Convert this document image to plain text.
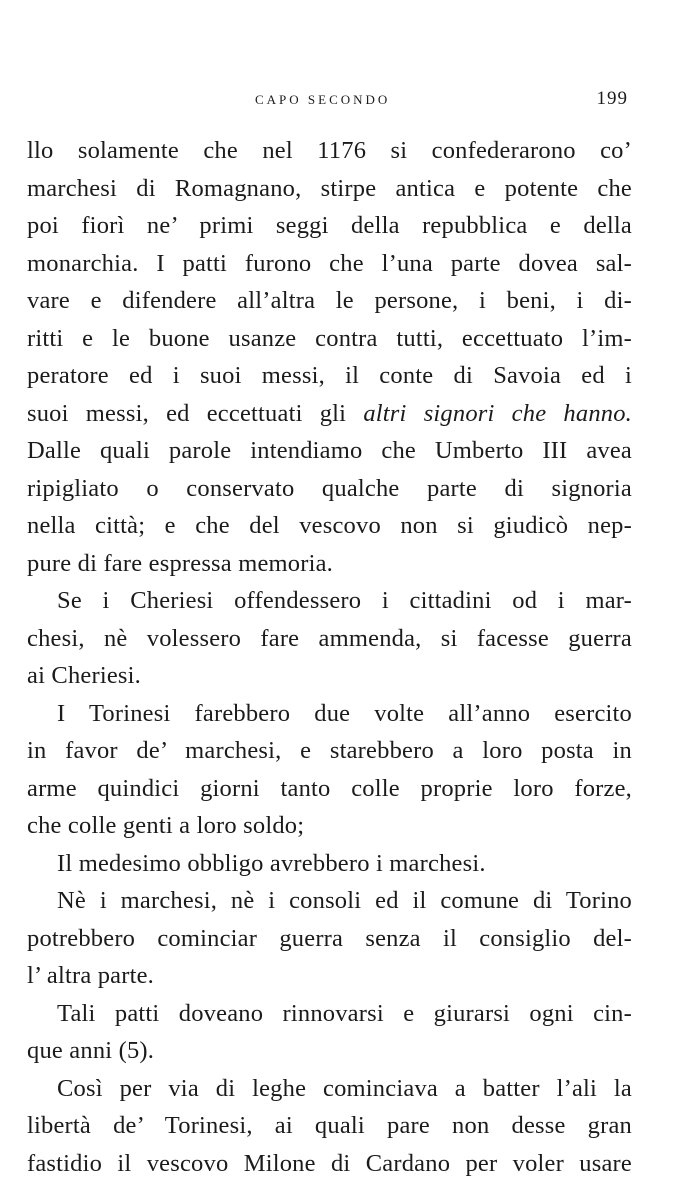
CAPO SECONDO	199
llo solamente che nel 1176 si confederarono co’
marchesi di Romagnano, stirpe antica e potente che
poi fiorì ne’ primi seggi della repubblica e della
monarchia. I patti furono che l’una parte dovea sal-
vare e difendere all’altra le persone, i beni, i di-
ritti e le buone usanze contra tutti, eccettuato l’im-
peratore ed i suoi messi, il conte di Savoia ed i
suoi messi, ed eccettuati gli altri signori che hanno.
Dalle quali parole intendiamo che Umberto III avea
ripigliato o conservato qualche parte di signoria
nella città; e che del vescovo non si giudicò nep-
pure di fare espressa memoria.
Se i Cheriesi offendessero i cittadini od i mar-
chesi, nè volessero fare ammenda, si facesse guerra
ai Cheriesi.
I Torinesi farebbero due volte all’anno esercito
in favor de’ marchesi, e starebbero a loro posta in
arme quindici giorni tanto colle proprie loro forze,
che colle genti a loro soldo;
Il medesimo obbligo avrebbero i marchesi.
Nè i marchesi, nè i consoli ed il comune di Torino
potrebbero cominciar guerra senza il consiglio del-
l’ altra parte.
Tali patti doveano rinnovarsi e giurarsi ogni cin-
que anni (5).
Così per via di leghe cominciava a batter l’ali la
libertà de’ Torinesi, ai quali pare non desse gran
fastidio il vescovo Milone di Cardano per voler usare
